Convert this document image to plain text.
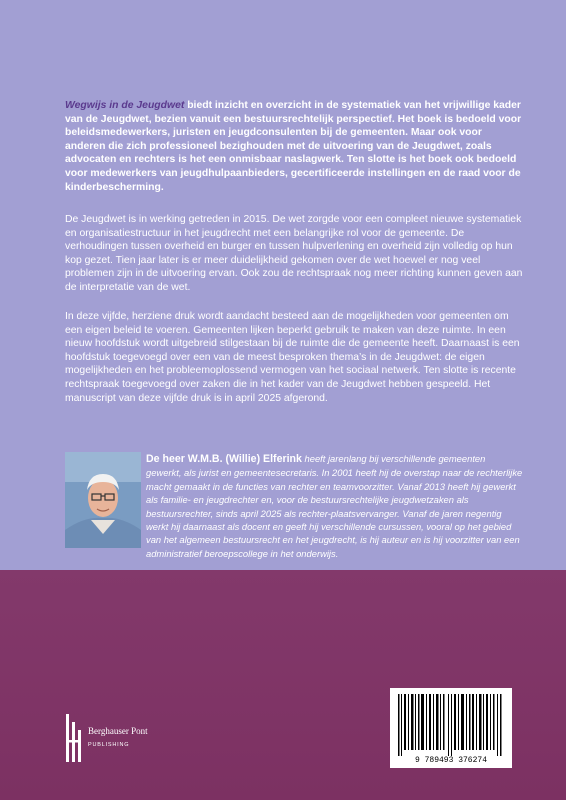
Wegwijs in de Jeugdwet biedt inzicht en overzicht in de systematiek van het vrijwillige kader van de Jeugdwet, bezien vanuit een bestuursrechtelijk perspectief. Het boek is bedoeld voor beleidsmedewerkers, juristen en jeugdconsulenten bij de gemeenten. Maar ook voor anderen die zich professioneel bezighouden met de uitvoering van de Jeugdwet, zoals advocaten en rechters is het een onmisbaar naslagwerk. Ten slotte is het boek ook bedoeld voor medewerkers van jeugdhulpaanbieders, gecertificeerde instellingen en de raad voor de kinderbescherming.

De Jeugdwet is in werking getreden in 2015. De wet zorgde voor een compleet nieuwe systematiek en organisatiestructuur in het jeugdrecht met een belangrijke rol voor de gemeente. De verhoudingen tussen overheid en burger en tussen hulpverlening en overheid zijn volledig op hun kop gezet. Tien jaar later is er meer duidelijkheid gekomen over de wet hoewel er nog veel problemen zijn in de uitvoering ervan. Ook zou de rechtspraak nog meer richting kunnen geven aan de interpretatie van de wet.

In deze vijfde, herziene druk wordt aandacht besteed aan de mogelijkheden voor gemeenten om een eigen beleid te voeren. Gemeenten lijken beperkt gebruik te maken van deze ruimte. In een nieuw hoofdstuk wordt uitgebreid stilgestaan bij de ruimte die de gemeente heeft. Daarnaast is een hoofdstuk toegevoegd over een van de meest besproken thema’s in de Jeugdwet: de eigen mogelijkheden en het probleemoplossend vermogen van het sociaal netwerk. Ten slotte is recente rechtspraak toegevoegd over zaken die in het kader van de Jeugdwet hebben gespeeld. Het manuscript van deze vijfde druk is in april 2025 afgerond.

De heer W.M.B. (Willie) Elferink heeft jarenlang bij verschillende gemeenten gewerkt, als jurist en gemeentesecretaris. In 2001 heeft hij de overstap naar de rechterlijke macht gemaakt in de functies van rechter en teamvoorzitter. Vanaf 2013 heeft hij gewerkt als familie- en jeugdrechter en, voor de bestuursrechtelijke jeugdwetzaken als bestuursrechter, sinds april 2025 als rechter-plaatsvervanger. Vanaf de jaren negentig werkt hij daarnaast als docent en geeft hij verschillende cursussen, vooral op het gebied van het algemeen bestuursrecht en het jeugdrecht, is hij auteur en is hij voorzitter van een administratief beroepscollege in het onderwijs.

Berghauser Pont
PUBLISHING
9 789493 376274
